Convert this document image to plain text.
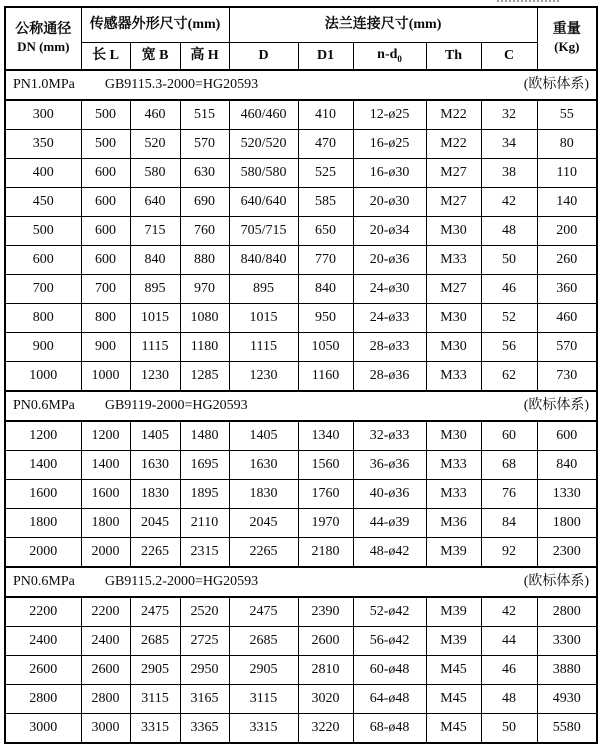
公称通径
DN (mm)
	传感器外形尺寸(mm)	法兰连接尺寸(mm)	重量
(Kg)

	长 L	宽 B	高 H	D	D1	$n-d_0$	Th	C	

PN1.0MPa GB9115.3-2000=HG20593 (欧标体系)									

300	500	460	515	460/460	410	12-ø25	M22	32	55
350	500	520	570	520/520	470	16-ø25	M22	34	80
400	600	580	630	580/580	525	16-ø30	M27	38	110
450	600	640	690	640/640	585	20-ø30	M27	42	140
500	600	715	760	705/715	650	20-ø34	M30	48	200
600	600	840	880	840/840	770	20-ø36	M33	50	260
700	700	895	970	895	840	24-ø30	M27	46	360
800	800	1015	1080	1015	950	24-ø33	M30	52	460
900	900	1115	1180	1115	1050	28-ø33	M30	56	570
1000	1000	1230	1285	1230	1160	28-ø36	M33	62	730

PN0.6MPa GB9119-2000=HG20593 (欧标体系)									

1200	1200	1405	1480	1405	1340	32-ø33	M30	60	600
1400	1400	1630	1695	1630	1560	36-ø36	M33	68	840
1600	1600	1830	1895	1830	1760	40-ø36	M33	76	1330
1800	1800	2045	2110	2045	1970	44-ø39	M36	84	1800
2000	2000	2265	2315	2265	2180	48-ø42	M39	92	2300

PN0.6MPa GB9115.2-2000=HG20593 (欧标体系)									

2200	2200	2475	2520	2475	2390	52-ø42	M39	42	2800
2400	2400	2685	2725	2685	2600	56-ø42	M39	44	3300
2600	2600	2905	2950	2905	2810	60-ø48	M45	46	3880
2800	2800	3115	3165	3115	3020	64-ø48	M45	48	4930
3000	3000	3315	3365	3315	3220	68-ø48	M45	50	5580
